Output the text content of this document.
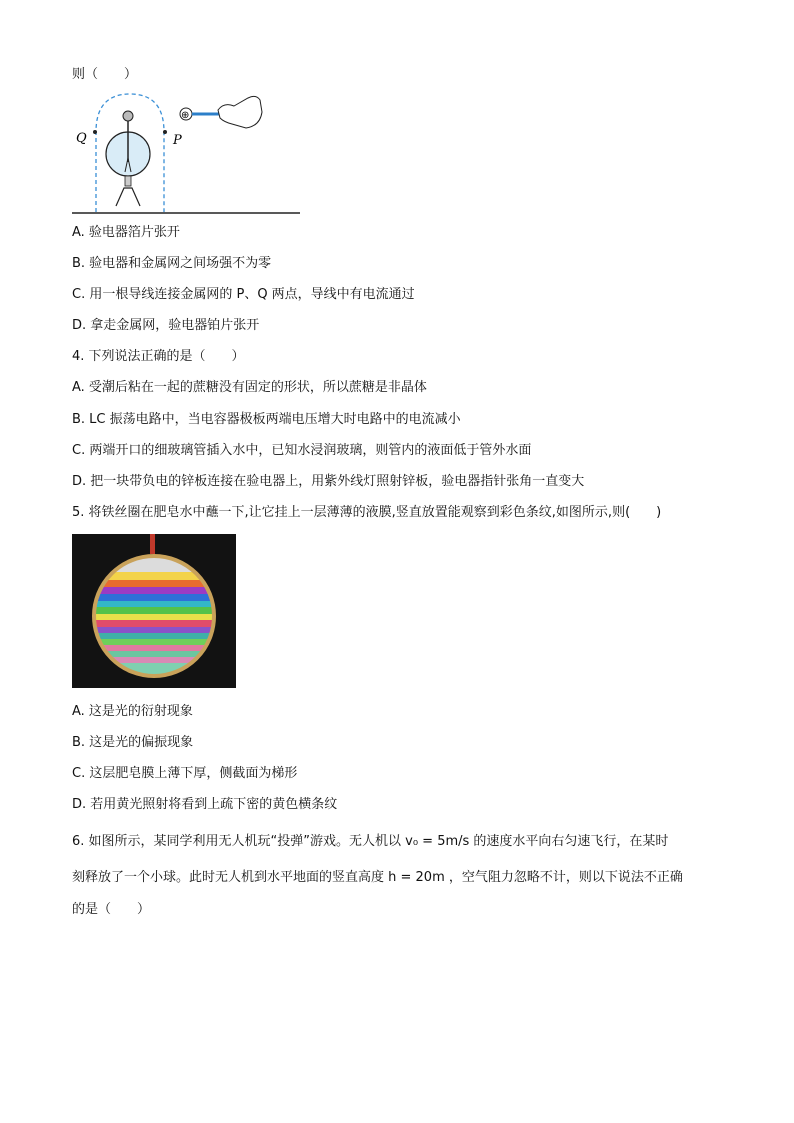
则（　　）
Q	P
⊕
A. 验电器箔片张开
B. 验电器和金属网之间场强不为零
C. 用一根导线连接金属网的 P、Q 两点，导线中有电流通过
D. 拿走金属网，验电器铂片张开
4. 下列说法正确的是（　　）
A. 受潮后粘在一起的蔗糖没有固定的形状，所以蔗糖是非晶体
B. LC 振荡电路中，当电容器极板两端电压增大时电路中的电流减小
C. 两端开口的细玻璃管插入水中，已知水浸润玻璃，则管内的液面低于管外水面
D. 把一块带负电的锌板连接在验电器上，用紫外线灯照射锌板，验电器指针张角一直变大
5. 将铁丝圈在肥皂水中蘸一下,让它挂上一层薄薄的液膜,竖直放置能观察到彩色条纹,如图所示,则(　　)
A. 这是光的衍射现象
B. 这是光的偏振现象
C. 这层肥皂膜上薄下厚，侧截面为梯形
D. 若用黄光照射将看到上疏下密的黄色横条纹
6. 如图所示，某同学利用无人机玩“投弹”游戏。无人机以 v₀ = 5m/s 的速度水平向右匀速飞行，在某时
刻释放了一个小球。此时无人机到水平地面的竖直高度 h = 20m ，空气阻力忽略不计，则以下说法不正确
的是（　　）
